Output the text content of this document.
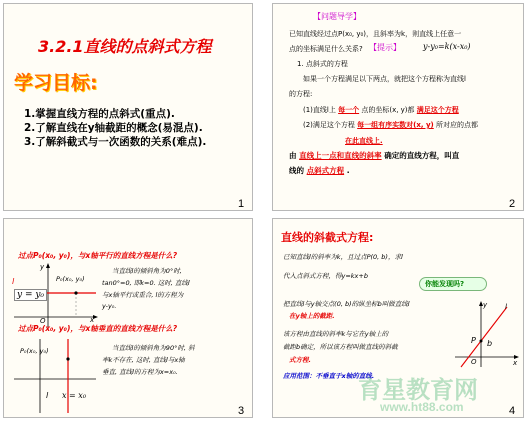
3.2.1直线的点斜式方程
学习目标:
1.掌握直线方程的点斜式(重点).
2.了解直线在y轴截距的概念(易混点).
3.了解斜截式与一次函数的关系(难点).
1
【问题导学】
已知直线经过点P(x₀, y₀)，且斜率为k，则直线上任意一
点的坐标满足什么关系? 【提示】	y-y₀=k(x-x₀)
1. 点斜式的方程
如果一个方程满足以下两点，就把这个方程称为直线l
的方程:
(1)直线l上 每一个 点的坐标(x, y)都 满足这个方程
(2)满足这个方程 每一组有序实数对(x, y) 所对应的点都
在此直线上.
由 直线上一点和直线的斜率 确定的直线方程，叫直
线的 点斜式方程 .
2
过点P₀(x₀, y₀)，与x轴平行的直线方程是什么?
y
l	P₀(x₀, y₀)
y = y₀
O	x
当直线l的倾斜角为0°时,
tan0°=0, 即k=0. 这时, 直线l
与x轴平行或重合, l的方程为
y-y₀.
过点P₀(x₀, y₀)，与x轴垂直的直线方程是什么?
P₀(x₀, y₀)
l x = x₀
当直线l的倾斜角为90°时, 斜
率k不存在, 这时, 直线l与x轴
垂直, 直线l的方程为x=x₀.
3
直线的斜截式方程:
已知直线l的斜率为k，且过点P(0, b)，求l
代入点斜式方程，得y=kx+b
你能发现吗?
把直线l与y轴交点(0, b)的纵坐标b叫做直线l
在y轴上的截距.
该方程由直线的斜率k与它在y轴上的
截距b确定，所以该方程叫做直线的斜截
式方程.
应用范围：不垂直于x轴的直线.
y	l
P b
O	x
4
育星教育网
www.ht88.com
